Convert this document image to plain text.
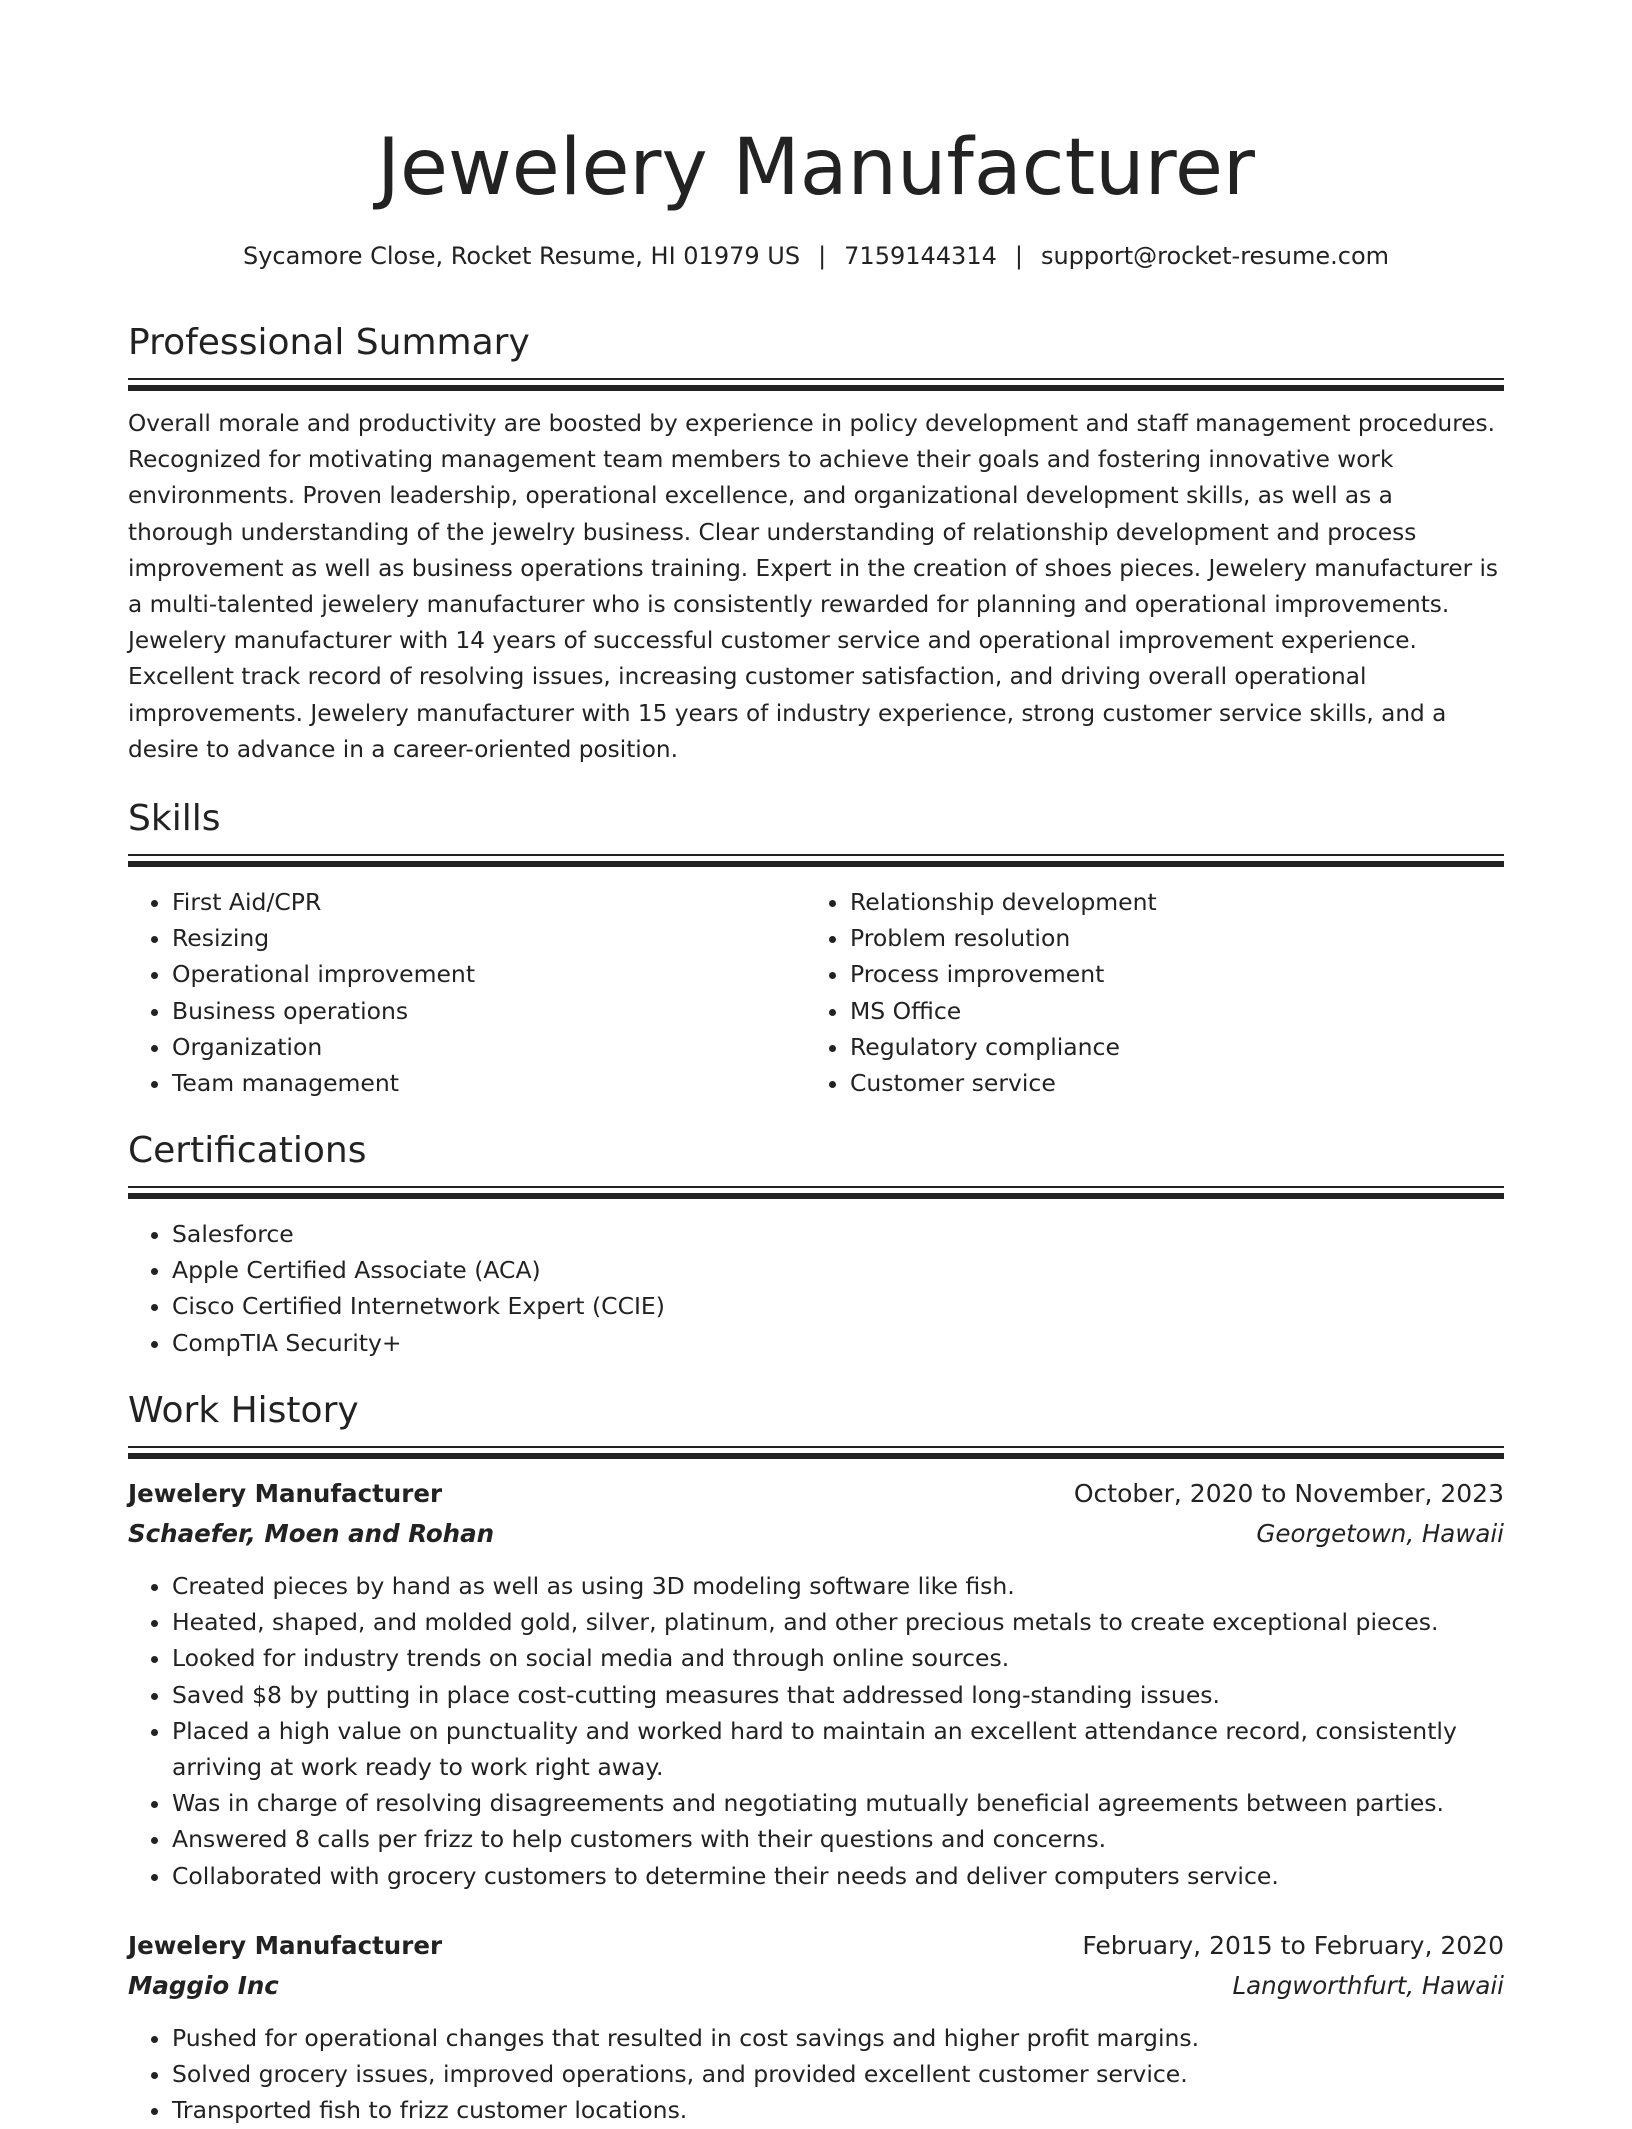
Jewelery Manufacturer
Sycamore Close, Rocket Resume, HI 01979 US | 7159144314 | support@rocket-resume.com
Professional Summary

Overall morale and productivity are boosted by experience in policy development and staff management procedures. Recognized for motivating management team members to achieve their goals and fostering innovative work environments. Proven leadership, operational excellence, and organizational development skills, as well as a thorough understanding of the jewelry business. Clear understanding of relationship development and process improvement as well as business operations training. Expert in the creation of shoes pieces. Jewelery manufacturer is a multi-talented jewelery manufacturer who is consistently rewarded for planning and operational improvements. Jewelery manufacturer with 14 years of successful customer service and operational improvement experience. Excellent track record of resolving issues, increasing customer satisfaction, and driving overall operational improvements. Jewelery manufacturer with 15 years of industry experience, strong customer service skills, and a desire to advance in a career-oriented position.

Skills
• First Aid/CPR
• Resizing
• Operational improvement
• Business operations
• Organization
• Team management
• Relationship development
• Problem resolution
• Process improvement
• MS Office
• Regulatory compliance
• Customer service
Certifications
• Salesforce
• Apple Certified Associate (ACA)
• Cisco Certified Internetwork Expert (CCIE)
• CompTIA Security+
Work History
Jewelery Manufacturer	October, 2020 to November, 2023
Schaefer, Moen and Rohan	Georgetown, Hawaii
• Created pieces by hand as well as using 3D modeling software like fish.
• Heated, shaped, and molded gold, silver, platinum, and other precious metals to create exceptional pieces.
• Looked for industry trends on social media and through online sources.
• Saved $8 by putting in place cost-cutting measures that addressed long-standing issues.
• Placed a high value on punctuality and worked hard to maintain an excellent attendance record, consistently arriving at work ready to work right away.
• Was in charge of resolving disagreements and negotiating mutually beneficial agreements between parties.
• Answered 8 calls per frizz to help customers with their questions and concerns.
• Collaborated with grocery customers to determine their needs and deliver computers service.
Jewelery Manufacturer	February, 2015 to February, 2020
Maggio Inc	Langworthfurt, Hawaii
• Pushed for operational changes that resulted in cost savings and higher profit margins.
• Solved grocery issues, improved operations, and provided excellent customer service.
• Transported fish to frizz customer locations.
